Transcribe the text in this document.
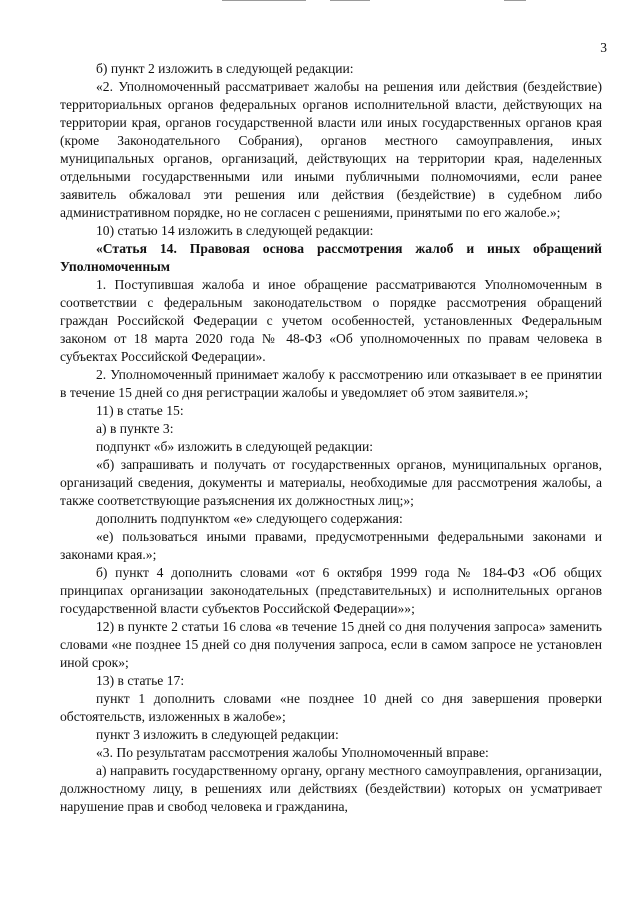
3

б) пункт 2 изложить в следующей редакции:

«2. Уполномоченный рассматривает жалобы на решения или действия (бездействие) территориальных органов федеральных органов исполнительной власти, действующих на территории края, органов государственной власти или иных государственных органов края (кроме Законодательного Собрания), органов местного самоуправления, иных муниципальных органов, организаций, действующих на территории края, наделенных отдельными государственными или иными публичными полномочиями, если ранее заявитель обжаловал эти решения или действия (бездействие) в судебном либо административном порядке, но не согласен с решениями, принятыми по его жалобе.»;

10) статью 14 изложить в следующей редакции:

«Статья 14. Правовая основа рассмотрения жалоб и иных обращений Уполномоченным

1. Поступившая жалоба и иное обращение рассматриваются Уполномоченным в соответствии с федеральным законодательством о порядке рассмотрения обращений граждан Российской Федерации с учетом особенностей, установленных Федеральным законом от 18 марта 2020 года № 48-ФЗ «Об уполномоченных по правам человека в субъектах Российской Федерации».

2. Уполномоченный принимает жалобу к рассмотрению или отказывает в ее принятии в течение 15 дней со дня регистрации жалобы и уведомляет об этом заявителя.»;

11) в статье 15:

а) в пункте 3:

подпункт «б» изложить в следующей редакции:

«б) запрашивать и получать от государственных органов, муниципальных органов, организаций сведения, документы и материалы, необходимые для рассмотрения жалобы, а также соответствующие разъяснения их должностных лиц;»;

дополнить подпунктом «е» следующего содержания:

«е) пользоваться иными правами, предусмотренными федеральными законами и законами края.»;

б) пункт 4 дополнить словами «от 6 октября 1999 года № 184-ФЗ «Об общих принципах организации законодательных (представительных) и исполнительных органов государственной власти субъектов Российской Федерации»»;

12) в пункте 2 статьи 16 слова «в течение 15 дней со дня получения запроса» заменить словами «не позднее 15 дней со дня получения запроса, если в самом запросе не установлен иной срок»;

13) в статье 17:

пункт 1 дополнить словами «не позднее 10 дней со дня завершения проверки обстоятельств, изложенных в жалобе»;

пункт 3 изложить в следующей редакции:

«3. По результатам рассмотрения жалобы Уполномоченный вправе:

а) направить государственному органу, органу местного самоуправления, организации, должностному лицу, в решениях или действиях (бездействии) которых он усматривает нарушение прав и свобод человека и гражданина,
